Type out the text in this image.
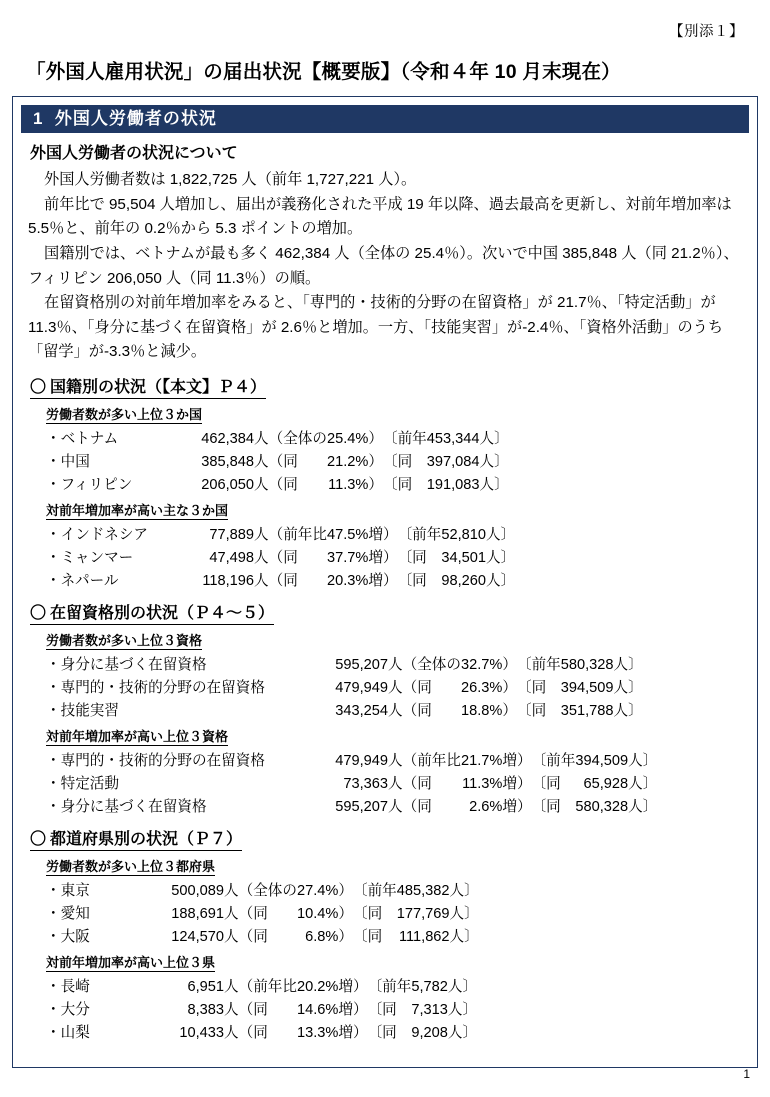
【別添１】
「外国人雇用状況」の届出状況【概要版】（令和４年 10 月末現在）
1 外国人労働者の状況
外国人労働者の状況について
外国人労働者数は 1,822,725 人（前年 1,727,221 人）。
前年比で 95,504 人増加し、届出が義務化された平成 19 年以降、過去最高を更新し、対前年増加率は 5.5％と、前年の 0.2％から 5.3 ポイントの増加。
国籍別では、ベトナムが最も多く 462,384 人（全体の 25.4％）。次いで中国 385,848 人（同 21.2％）、フィリピン 206,050 人（同 11.3％）の順。
在留資格別の対前年増加率をみると、「専門的・技術的分野の在留資格」が 21.7％、「特定活動」が 11.3％、「身分に基づく在留資格」が 2.6％と増加。一方、「技能実習」が-2.4％、「資格外活動」のうち「留学」が-3.3％と減少。
〇 国籍別の状況（【本文】Ｐ４）
労働者数が多い上位３か国
・ベトナム	462,384	人	（全体の	25.4%）		〔前年	453,344	人〕
・中国	385,848	人	（同	21.2%）		〔同	397,084	人〕
・フィリピン	206,050	人	（同	11.3%）		〔同	191,083	人〕
対前年増加率が高い主な３か国
・インドネシア	77,889	人	（前年比	47.5%増）		〔前年	52,810	人〕
・ミャンマー	47,498	人	（同	37.7%増）		〔同	34,501	人〕
・ネパール	118,196	人	（同	20.3%増）		〔同	98,260	人〕
〇 在留資格別の状況（Ｐ４～５）
労働者数が多い上位３資格
・身分に基づく在留資格	595,207	人	（全体の	32.7%）		〔前年	580,328	人〕
・専門的・技術的分野の在留資格	479,949	人	（同	26.3%）		〔同	394,509	人〕
・技能実習	343,254	人	（同	18.8%）		〔同	351,788	人〕
対前年増加率が高い上位３資格
・専門的・技術的分野の在留資格	479,949	人	（前年比	21.7%増）		〔前年	394,509	人〕
・特定活動	73,363	人	（同	11.3%増）		〔同	65,928	人〕
・身分に基づく在留資格	595,207	人	（同	2.6%増）		〔同	580,328	人〕
〇 都道府県別の状況（Ｐ７）
労働者数が多い上位３都府県
・東京	500,089	人	（全体の	27.4%）		〔前年	485,382	人〕
・愛知	188,691	人	（同	10.4%）		〔同	177,769	人〕
・大阪	124,570	人	（同	6.8%）		〔同	111,862	人〕
対前年増加率が高い上位３県
・長崎	6,951	人	（前年比	20.2%増）		〔前年	5,782	人〕
・大分	8,383	人	（同	14.6%増）		〔同	7,313	人〕
・山梨	10,433	人	（同	13.3%増）		〔同	9,208	人〕
1
